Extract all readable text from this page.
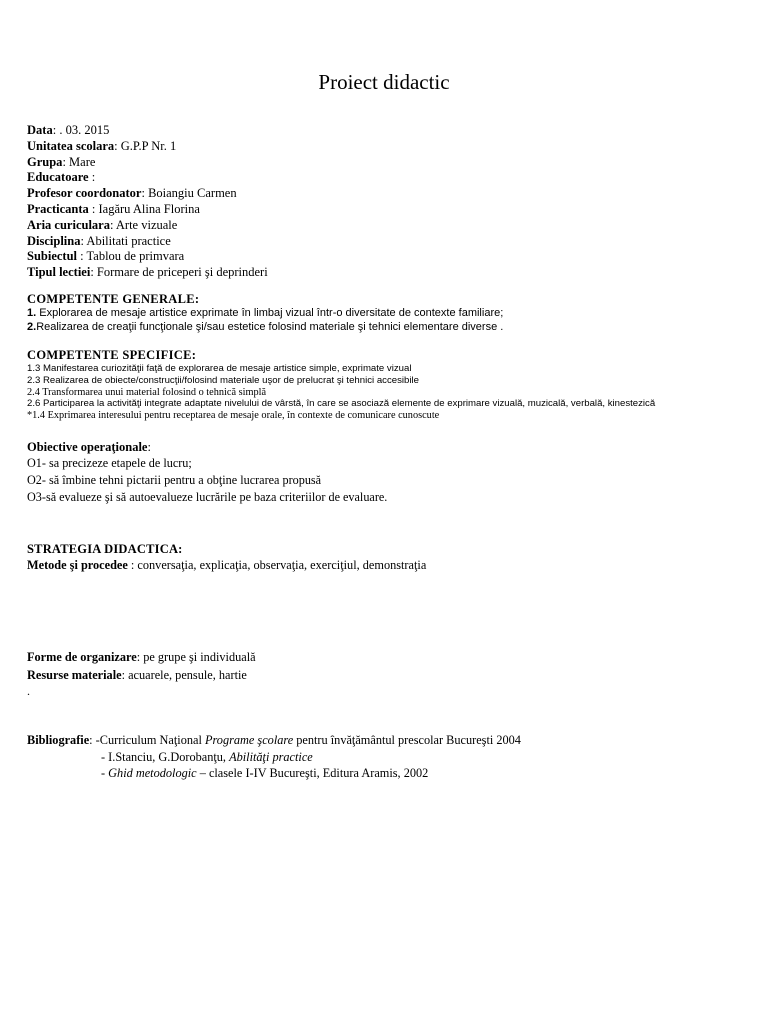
Proiect didactic
Data: . 03. 2015
Unitatea scolara: G.P.P Nr. 1
Grupa: Mare
Educatoare :
Profesor coordonator: Boiangiu Carmen
Practicanta : Iagăru Alina Florina
Aria curiculara: Arte vizuale
Disciplina: Abilitati practice
Subiectul : Tablou de primvara
Tipul lectiei: Formare de priceperi şi deprinderi
COMPETENTE GENERALE:
1. Explorarea de mesaje artistice exprimate în limbaj vizual într-o diversitate de contexte familiare;
2.Realizarea de creaţii funcţionale şi/sau estetice folosind materiale şi tehnici elementare diverse .
COMPETENTE SPECIFICE:
1.3 Manifestarea curiozităţii faţă de explorarea de mesaje artistice simple, exprimate vizual
2.3 Realizarea de obiecte/construcţii/folosind materiale uşor de prelucrat şi tehnici accesibile
2.4 Transformarea unui material folosind o tehnică simplă
2.6 Participarea la activităţi integrate adaptate nivelului de vârstă, în care se asociază elemente de exprimare vizuală, muzicală, verbală, kinestezică
*1.4 Exprimarea interesului pentru receptarea de mesaje orale, în contexte de comunicare cunoscute
Obiective operaţionale:
O1- sa precizeze etapele de lucru;
O2- să îmbine tehni pictarii pentru a obţine lucrarea propusă
O3-să evalueze şi să autoevalueze lucrările pe baza criteriilor de evaluare.
STRATEGIA DIDACTICA:
Metode şi procedee : conversaţia, explicaţia, observaţia, exerciţiul, demonstraţia
Forme de organizare: pe grupe şi individuală
Resurse materiale: acuarele, pensule, hartie
.
Bibliografie: -Curriculum Naţional Programe şcolare pentru învăţământul prescolar Bucureşti 2004
- I.Stanciu, G.Dorobanţu, Abilităţi practice
- Ghid metodologic – clasele I-IV Bucureşti, Editura Aramis, 2002
